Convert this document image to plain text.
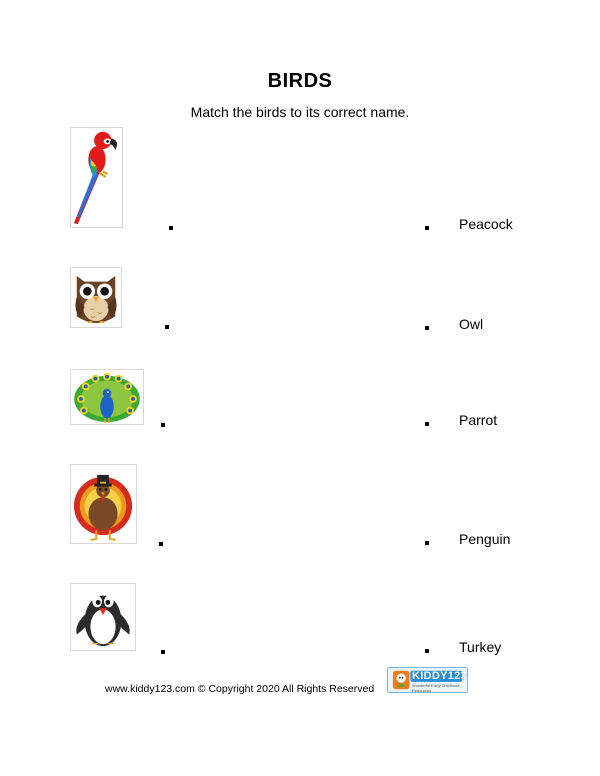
BIRDS
Match the birds to its correct name.
Peacock
Owl
Parrot
Penguin
Turkey
www.kiddy123.com © Copyright 2020 All Rights Reserved
KIDDY123
Wonderful Early Childhood Resources
